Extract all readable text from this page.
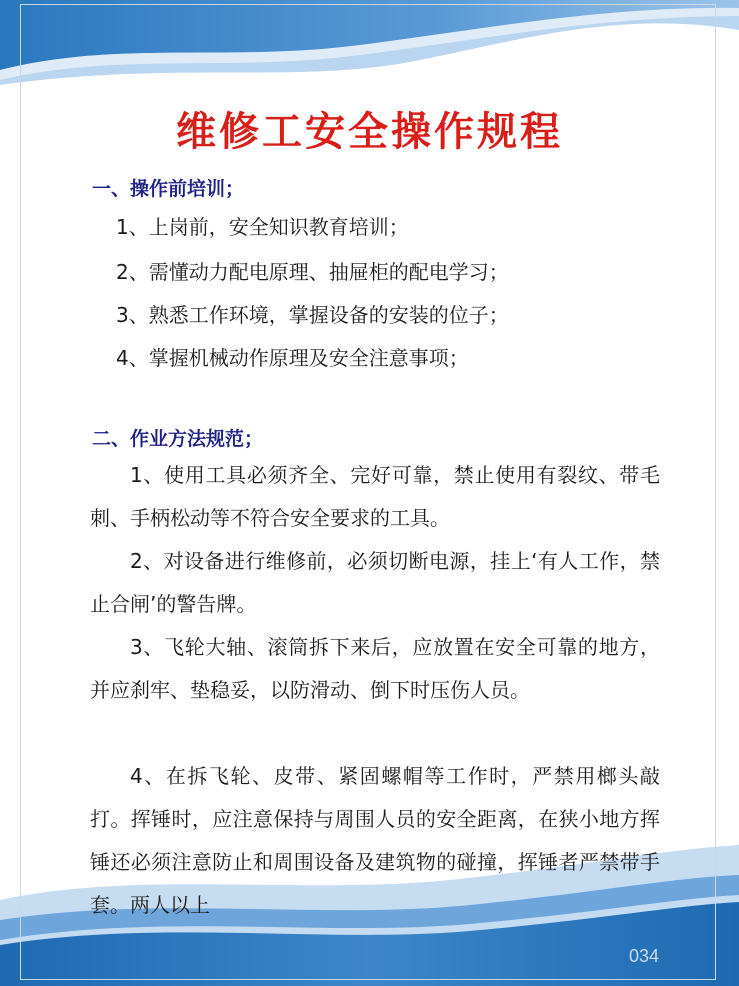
维修工安全操作规程

一、操作前培训；

1、上岗前，安全知识教育培训；

2、需懂动力配电原理、抽屉柜的配电学习；

3、熟悉工作环境，掌握设备的安装的位子；

4、掌握机械动作原理及安全注意事项；

二、作业方法规范；

1、使用工具必须齐全、完好可靠，禁止使用有裂纹、带毛刺、手柄松动等不符合安全要求的工具。

2、对设备进行维修前，必须切断电源，挂上‘有人工作，禁止合闸’的警告牌。

3、飞轮大轴、滚筒拆下来后，应放置在安全可靠的地方，并应刹牢、垫稳妥，以防滑动、倒下时压伤人员。

4、在拆飞轮、皮带、紧固螺帽等工作时，严禁用榔头敲打。挥锤时，应注意保持与周围人员的安全距离，在狭小地方挥锤还必须注意防止和周围设备及建筑物的碰撞，挥锤者严禁带手套。两人以上

034
